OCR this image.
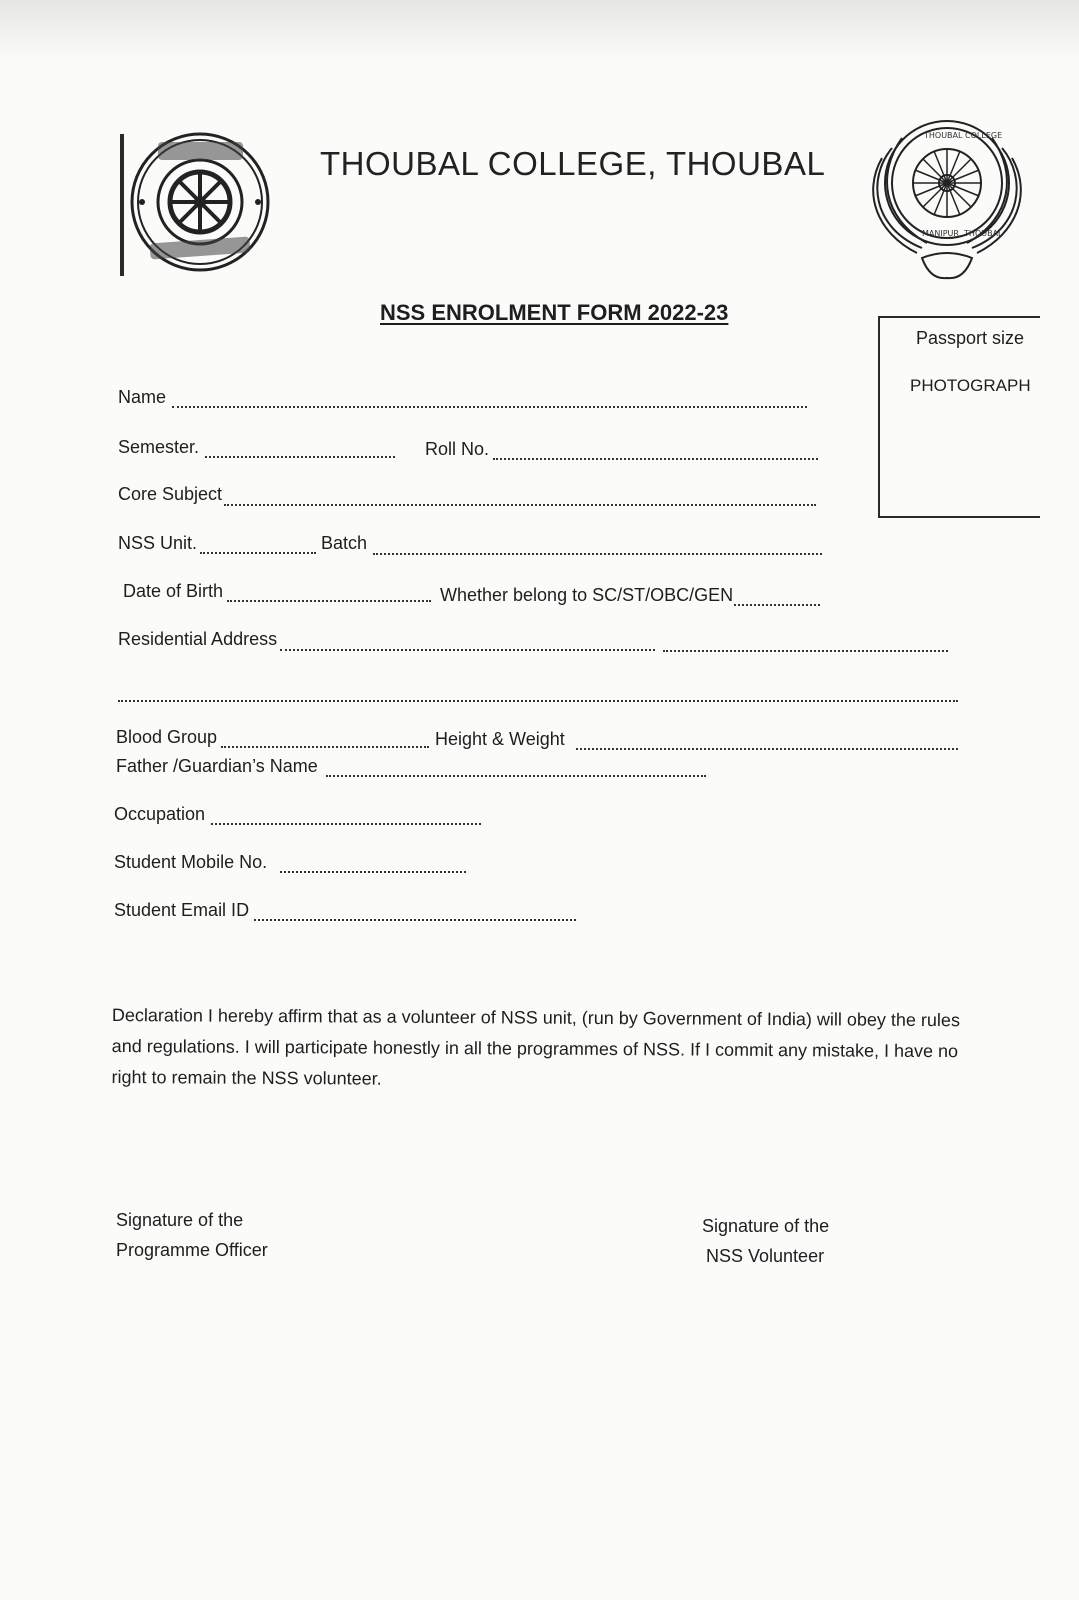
THOUBAL COLLEGE, THOUBAL
THOUBAL COLLEGE
MANIPUR, THOUBAL
NSS ENROLMENT FORM 2022-23
Passport size
PHOTOGRAPH
Name
Semester.	Roll No.
Core Subject
NSS Unit.	Batch
Date of Birth	Whether belong to SC/ST/OBC/GEN
Residential Address
Blood Group	Height & Weight
Father /Guardian’s Name
Occupation
Student Mobile No.
Student Email ID
Declaration I hereby affirm that as a volunteer of NSS unit, (run by Government of India) will obey the rules and regulations. I will participate honestly in all the programmes of NSS. If I commit any mistake, I have no right to remain the NSS volunteer.
Signature of the
Programme Officer
Signature of the
NSS Volunteer
